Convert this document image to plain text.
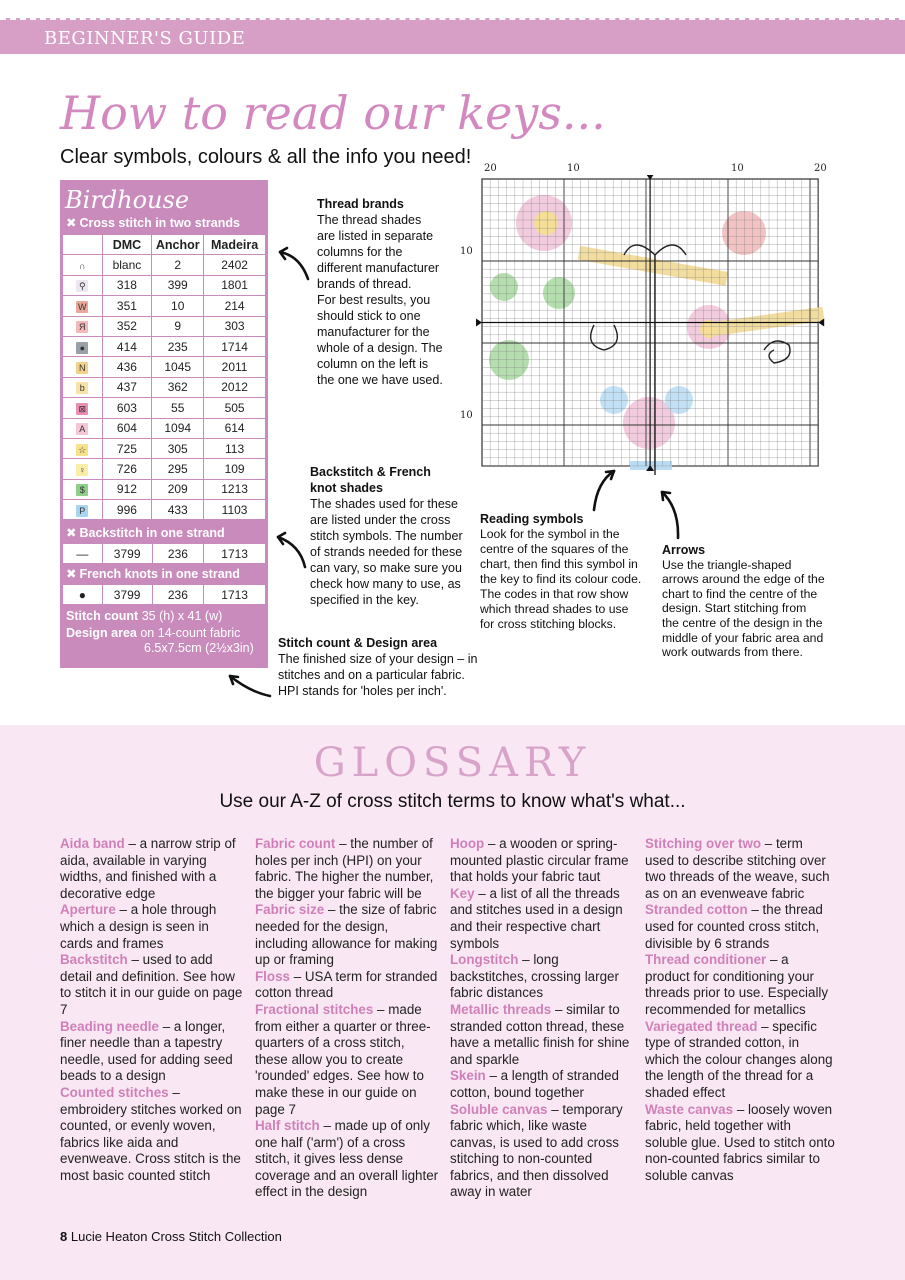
BEGINNER'S GUIDE
How to read our keys...
Clear symbols, colours & all the info you need!
Birdhouse
✖ Cross stitch in two strands
	DMC	Anchor	Madeira
∩	blanc	2	2402
⚲	318	399	1801
W	351	10	214
Я	352	9	303
●	414	235	1714
N	436	1045	2011
b	437	362	2012
⊠	603	55	505
A	604	1094	614
☆	725	305	113
♀	726	295	109
$	912	209	1213
P	996	433	1103
✖ Backstitch in one strand
—	3799	236	1713
✖ French knots in one strand
●	3799	236	1713
Stitch count 35 (h) x 41 (w)
Design area on 14-count fabric
6.5x7.5cm (2½x3in)
Thread brands
The thread shades
are listed in separate
columns for the
different manufacturer
brands of thread.
For best results, you
should stick to one
manufacturer for the
whole of a design. The
column on the left is
the one we have used.
Backstitch & French
knot shades
The shades used for these
are listed under the cross
stitch symbols. The number
of strands needed for these
can vary, so make sure you
check how many to use, as
specified in the key.
Stitch count & Design area
The finished size of your design – in
stitches and on a particular fabric.
HPI stands for 'holes per inch'.
Reading symbols
Look for the symbol in the
centre of the squares of the
chart, then find this symbol in
the key to find its colour code.
The codes in that row show
which thread shades to use
for cross stitching blocks.
Arrows
Use the triangle-shaped
arrows around the edge of the
chart to find the centre of the
design. Start stitching from
the centre of the design in the
middle of your fabric area and
work outwards from there.
20	10	10	20
10
10
GLOSSARY
Use our A-Z of cross stitch terms to know what's what...

Aida band – a narrow strip of aida, available in varying widths, and finished with a decorative edge

Aperture – a hole through which a design is seen in cards and frames

Backstitch – used to add detail and definition. See how to stitch it in our guide on page 7

Beading needle – a longer, finer needle than a tapestry needle, used for adding seed beads to a design

Counted stitches – embroidery stitches worked on counted, or evenly woven, fabrics like aida and evenweave. Cross stitch is the most basic counted stitch

Fabric count – the number of holes per inch (HPI) on your fabric. The higher the number, the bigger your fabric will be

Fabric size – the size of fabric needed for the design, including allowance for making up or framing

Floss – USA term for stranded cotton thread

Fractional stitches – made from either a quarter or three-quarters of a cross stitch, these allow you to create 'rounded' edges. See how to make these in our guide on page 7

Half stitch – made up of only one half ('arm') of a cross stitch, it gives less dense coverage and an overall lighter effect in the design

Hoop – a wooden or spring-mounted plastic circular frame that holds your fabric taut

Key – a list of all the threads and stitches used in a design and their respective chart symbols

Longstitch – long backstitches, crossing larger fabric distances

Metallic threads – similar to stranded cotton thread, these have a metallic finish for shine and sparkle

Skein – a length of stranded cotton, bound together

Soluble canvas – temporary fabric which, like waste canvas, is used to add cross stitching to non-counted fabrics, and then dissolved away in water

Stitching over two – term used to describe stitching over two threads of the weave, such as on an evenweave fabric

Stranded cotton – the thread used for counted cross stitch, divisible by 6 strands

Thread conditioner – a product for conditioning your threads prior to use. Especially recommended for metallics

Variegated thread – specific type of stranded cotton, in which the colour changes along the length of the thread for a shaded effect

Waste canvas – loosely woven fabric, held together with soluble glue. Used to stitch onto non-counted fabrics similar to soluble canvas

8 Lucie Heaton Cross Stitch Collection
